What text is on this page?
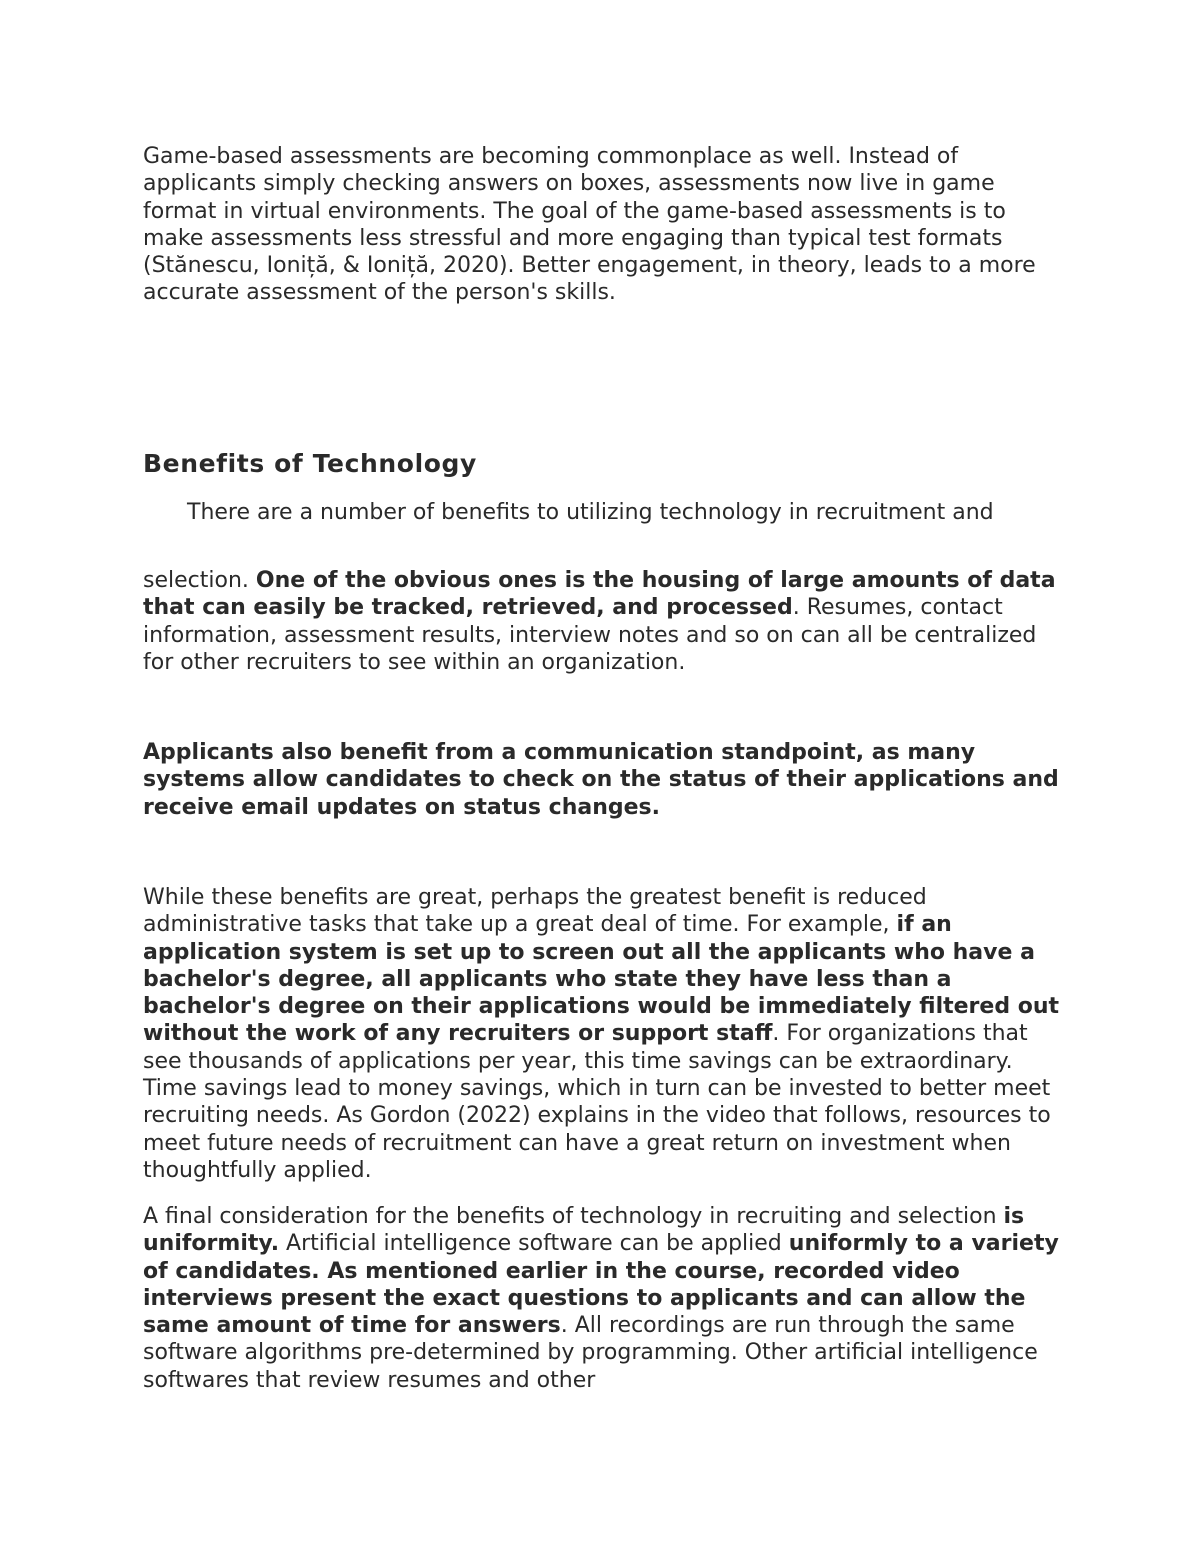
Game-based assessments are becoming commonplace as well. Instead of applicants simply checking answers on boxes, assessments now live in game format in virtual environments. The goal of the game-based assessments is to make assessments less stressful and more engaging than typical test formats (Stănescu, Ioniță, & Ioniță, 2020). Better engagement, in theory, leads to a more accurate assessment of the person's skills.

Benefits of Technology

There are a number of benefits to utilizing technology in recruitment and

selection. One of the obvious ones is the housing of large amounts of data that can easily be tracked, retrieved, and processed. Resumes, contact information, assessment results, interview notes and so on can all be centralized for other recruiters to see within an organization.

Applicants also benefit from a communication standpoint, as many systems allow candidates to check on the status of their applications and receive email updates on status changes.

While these benefits are great, perhaps the greatest benefit is reduced administrative tasks that take up a great deal of time. For example, if an application system is set up to screen out all the applicants who have a bachelor's degree, all applicants who state they have less than a bachelor's degree on their applications would be immediately filtered out without the work of any recruiters or support staff. For organizations that see thousands of applications per year, this time savings can be extraordinary. Time savings lead to money savings, which in turn can be invested to better meet recruiting needs. As Gordon (2022) explains in the video that follows, resources to meet future needs of recruitment can have a great return on investment when thoughtfully applied.

A final consideration for the benefits of technology in recruiting and selection is uniformity. Artificial intelligence software can be applied uniformly to a variety of candidates. As mentioned earlier in the course, recorded video interviews present the exact questions to applicants and can allow the same amount of time for answers. All recordings are run through the same software algorithms pre-determined by programming. Other artificial intelligence softwares that review resumes and other
